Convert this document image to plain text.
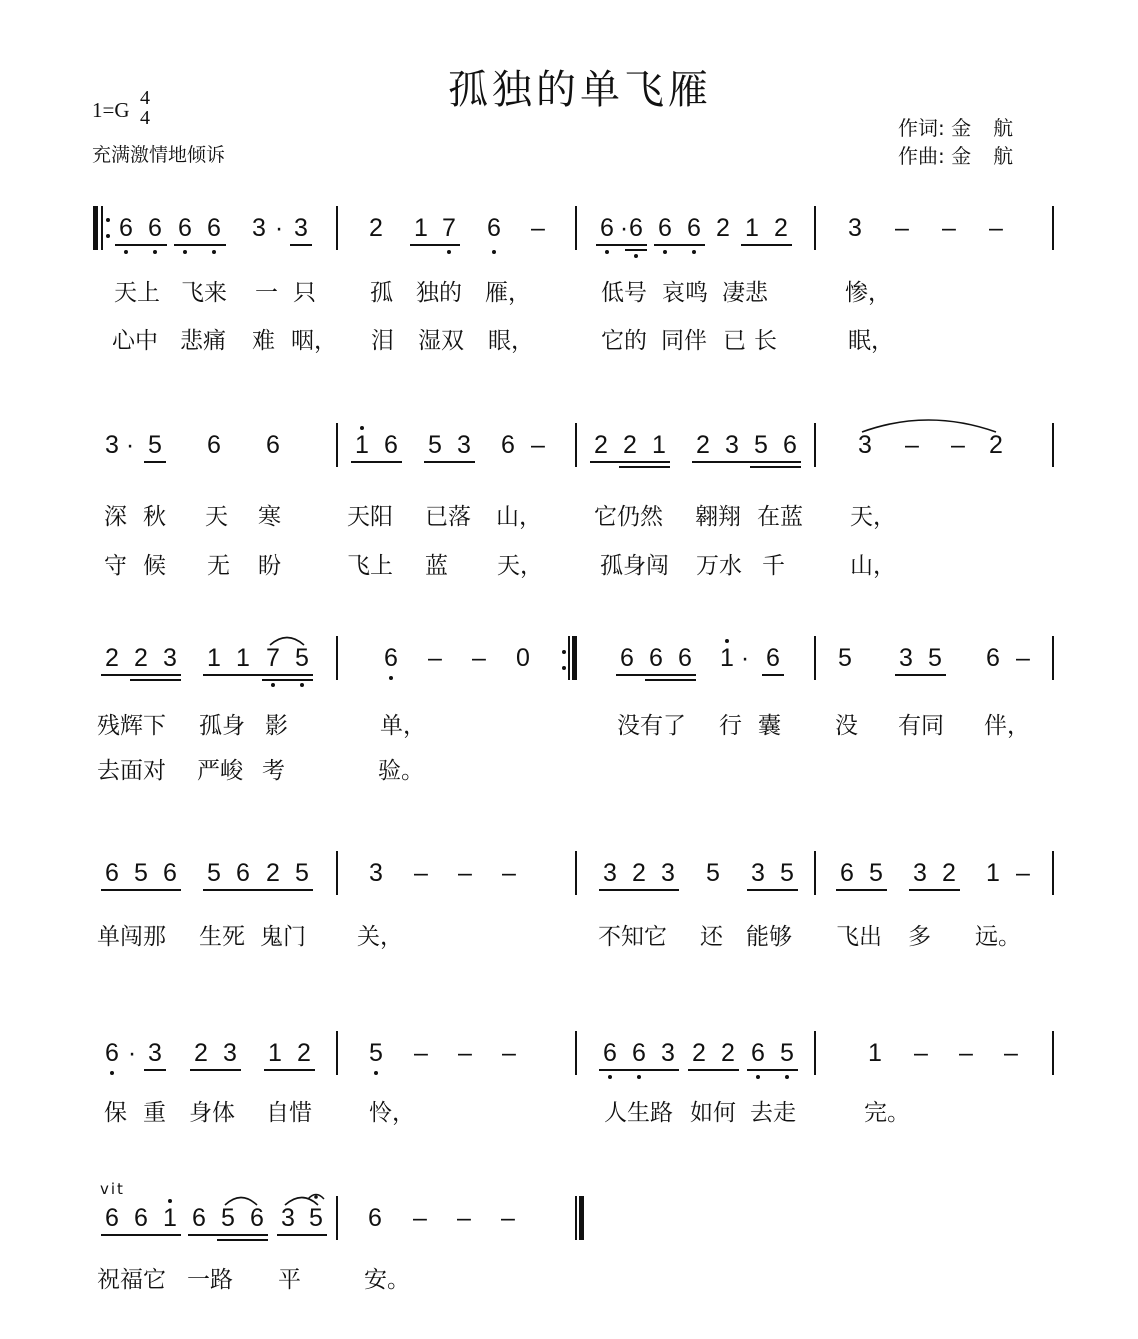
孤独的单飞雁
1=G 4
4
充满激情地倾诉
作词: 金航
作曲: 金航
6 6 6 6 3 · 3 2 1 7 6 – 6 · 6 6 6 2 1 2 3 – – –
天上 飞来 一 只 孤 独的 雁，	低号 哀鸣 凄悲	惨，
心中 悲痛 难 咽， 泪 湿双 眼，	它的 同伴 已 长	眠，
3 · 5 6 6	1 6 5 3 6 – 2 2 1 2 3 5 6 3 – – 2
深 秋 天 寒	天阳 已落 山， 它仍然 翱翔 在蓝 天，
守 候 无 盼	飞上 蓝 天， 孤身闯 万水 千	山，
2 2 3 1 1 7 5	6 – – 0	6 6 6 1 · 6 5 3 5 6 –
残辉下 孤身 影	单，	没有了 行 囊 没 有同 伴，
去面对 严峻 考	验。
6 5 6 5 6 2 5 3 – – –	3 2 3 5 3 5 6 5 3 2 1 –
单闯那 生死 鬼门 关，	不知它 还 能够 飞出 多 远。
6 · 3 2 3 1 2 5 – – –	6 6 3 2 2 6 5	1 – – –
保 重 身体 自惜 怜，	人生路 如何 去走	完。
vit
6 6 1 6 5 6 3 5 6 – – –
祝福它 一路 平	安。
